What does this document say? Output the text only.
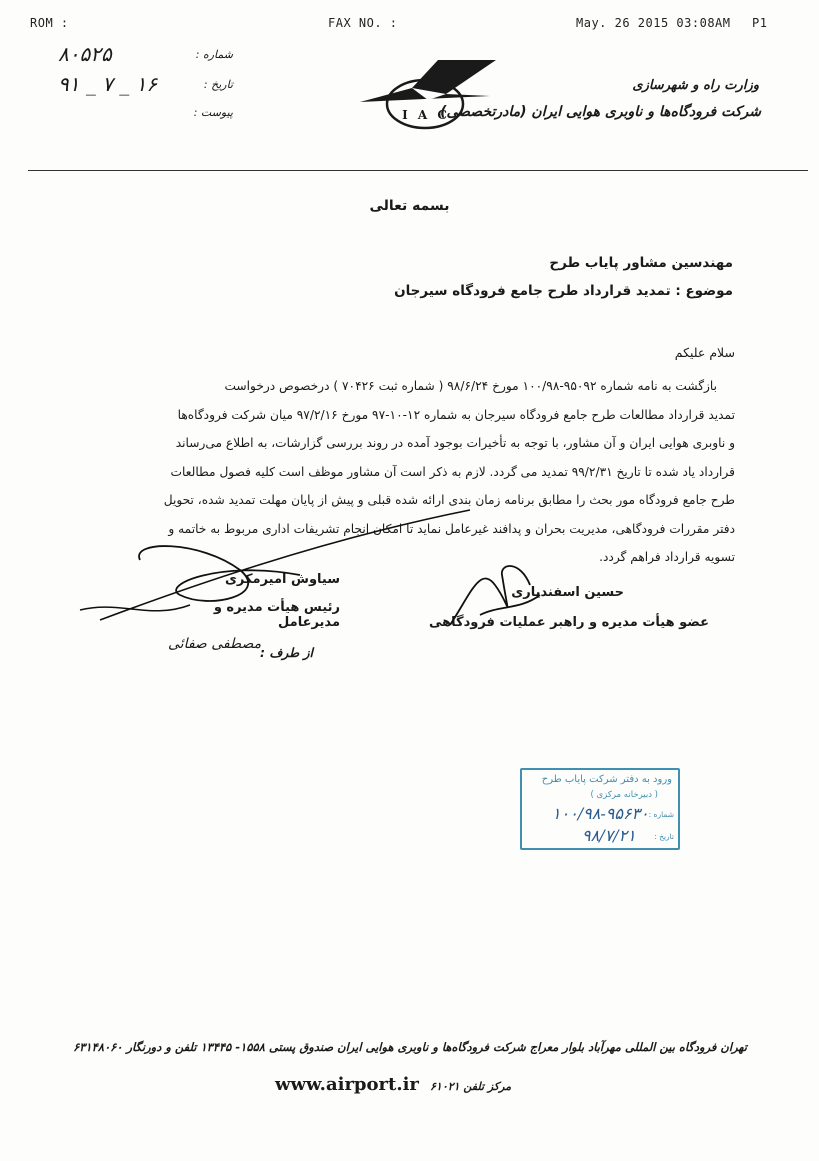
ROM :	FAX NO. :	May. 26 2015 03:08AM P1
۸۰۵۲۵	شماره :
۹۱ _ ۷ _ ۱۶	تاریخ :
پیوست :	I A C
وزارت راه و شهرسازی
شرکت فرودگاه‌ها و ناوبری هوایی ایران (مادرتخصصی)
بسمه تعالی
مهندسین مشاور پایاب طرح
موضوع : تمدید قرارداد طرح جامع فرودگاه سیرجان
سلام علیکم
بازگشت به نامه شماره ۹۵۰۹۲-۱۰۰/۹۸ مورخ ۹۸/۶/۲۴ ( شماره ثبت ۷۰۴۲۶ ) درخصوص درخواست
تمدید قرارداد مطالعات طرح جامع فرودگاه سیرجان به شماره ۱۲-۱۰-۹۷ مورخ ۹۷/۲/۱۶ میان شرکت فرودگاه‌ها
و ناوبری هوایی ایران و آن مشاور، با توجه به تأخیرات بوجود آمده در روند بررسی گزارشات، به اطلاع می‌رساند
قرارداد یاد شده تا تاریخ ۹۹/۲/۳۱ تمدید می گردد. لازم به ذکر است آن مشاور موظف است کلیه فصول مطالعات
طرح جامع فرودگاه مور بحث را مطابق برنامه زمان بندی ارائه شده قبلی و پیش از پایان مهلت تمدید شده، تحویل
دفتر مقررات فرودگاهی، مدیریت بحران و پدافند غیرعامل نماید تا امکان انجام تشریفات اداری مربوط به خاتمه و
تسویه قرارداد فراهم گردد.
حسین اسفندیاری
عضو هیأت مدیره و راهبر عملیات فرودگاهی
سیاوش امیرمکری
رئیس هیأت مدیره و مدیرعامل
از طرف :
مصطفی صفائی
ورود به دفتر شرکت پایاب طرح
( دبیرخانه مرکزی )
شماره :
۱۰۰/۹۸-۹۵۶۳۰
تاریخ :
۹۸/۷/۲۱
تهران فرودگاه بین المللی مهرآباد بلوار معراج شرکت فرودگاه‌ها و ناوبری هوایی ایران صندوق پستی ۱۵۵۸- ۱۳۴۴۵ تلفن و دورنگار ۶۳۱۴۸۰۶۰
www.airport.ir مرکز تلفن ۶۱۰۲۱
